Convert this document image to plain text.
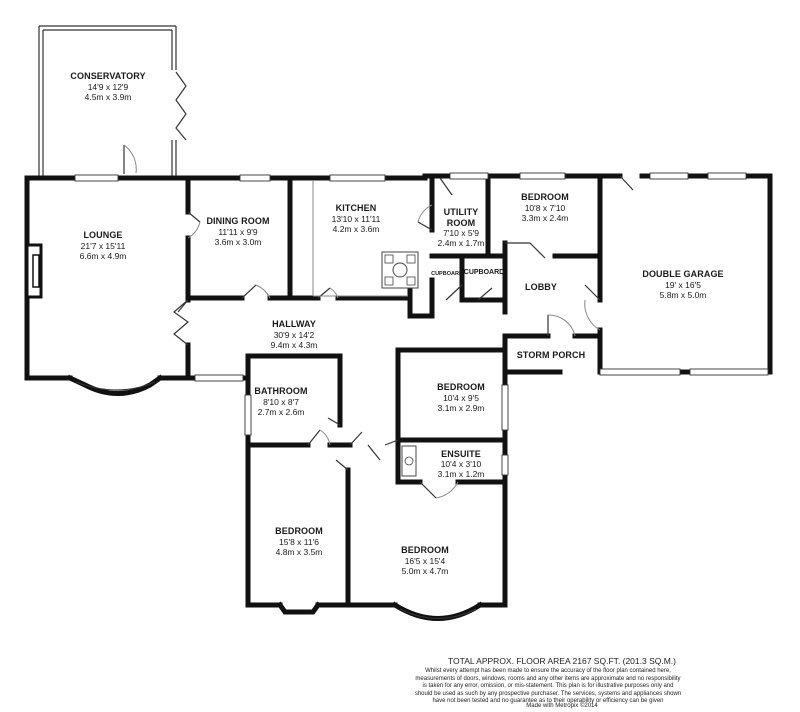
CONSERVATORY
14'9 x 12'9
4.5m x 3.9m
LOUNGE
21'7 x 15'11
6.6m x 4.9m
DINING ROOM
11'11 x 9'9
3.6m x 3.0m
KITCHEN
13'10 x 11'11
4.2m x 3.6m
UTILITY
ROOM
7'10 x 5'9
2.4m x 1.7m
BEDROOM
10'8 x 7'10
3.3m x 2.4m
DOUBLE GARAGE
19' x 16'5
5.8m x 5.0m
HALLWAY
30'9 x 14'2
9.4m x 4.3m
BATHROOM
8'10 x 8'7
2.7m x 2.6m
BEDROOM
10'4 x 9'5
3.1m x 2.9m
ENSUITE
10'4 x 3'10
3.1m x 1.2m
BEDROOM
15'8 x 11'6
4.8m x 3.5m	BEDROOM
16'5 x 15'4
5.0m x 4.7m
CUPBOARD CUPBOARD
LOBBY
STORM PORCH
TOTAL APPROX. FLOOR AREA 2167 SQ.FT. (201.3 SQ.M.)
Whilst every attempt has been made to ensure the accuracy of the floor plan contained here, measurements of doors, windows, rooms and any other items are approximate and no responsibility is taken for any error, omission, or mis-statement. This plan is for illustrative purposes only and should be used as such by any prospective purchaser. The services, systems and appliances shown have not been tested and no guarantee as to their operability or efficiency can be given
Made with Metropix ©2014
